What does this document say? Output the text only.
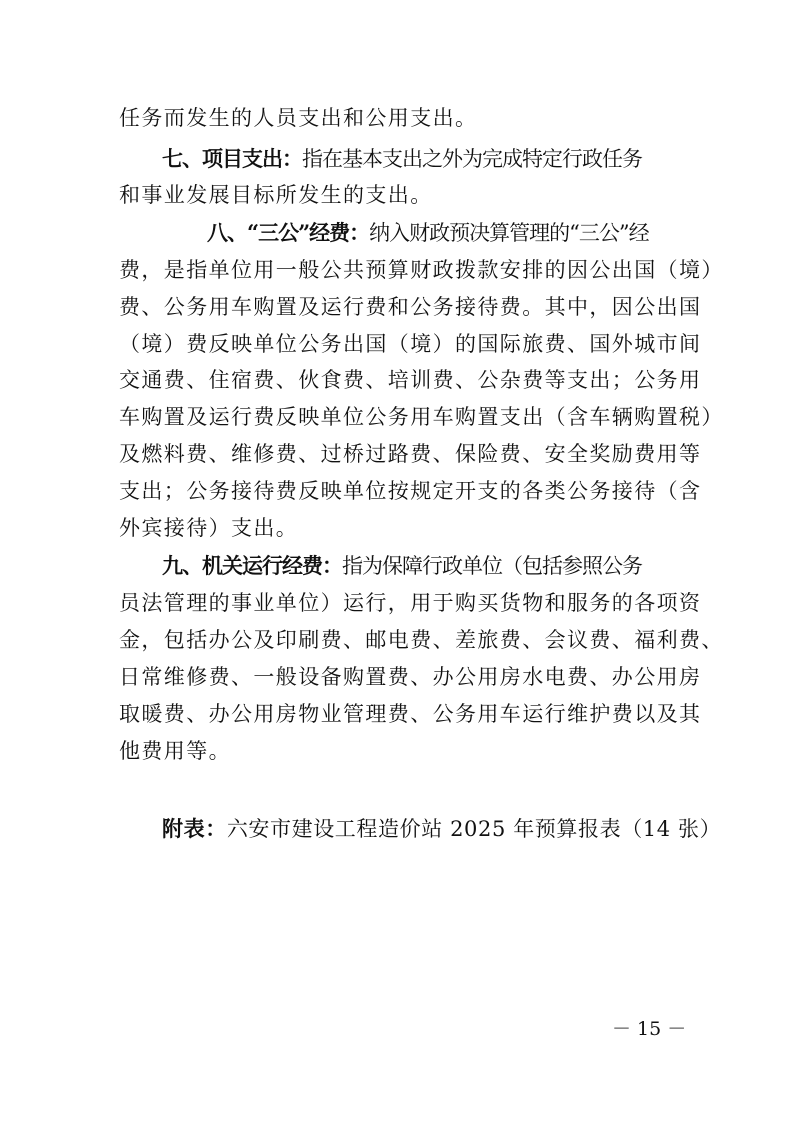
任务而发生的人员支出和公用支出。
七、项目支出：指在基本支出之外为完成特定行政任务
和事业发展目标所发生的支出。
八、“三公”经费：纳入财政预决算管理的“三公”经
费，是指单位用一般公共预算财政拨款安排的因公出国（境）
费、公务用车购置及运行费和公务接待费。其中，因公出国
（境）费反映单位公务出国（境）的国际旅费、国外城市间
交通费、住宿费、伙食费、培训费、公杂费等支出；公务用
车购置及运行费反映单位公务用车购置支出（含车辆购置税）
及燃料费、维修费、过桥过路费、保险费、安全奖励费用等
支出；公务接待费反映单位按规定开支的各类公务接待（含
外宾接待）支出。
九、机关运行经费：指为保障行政单位（包括参照公务
员法管理的事业单位）运行，用于购买货物和服务的各项资
金，包括办公及印刷费、邮电费、差旅费、会议费、福利费、
日常维修费、一般设备购置费、办公用房水电费、办公用房
取暖费、办公用房物业管理费、公务用车运行维护费以及其
他费用等。
附表：六安市建设工程造价站 2025 年预算报表（14 张）
－ 15 －
